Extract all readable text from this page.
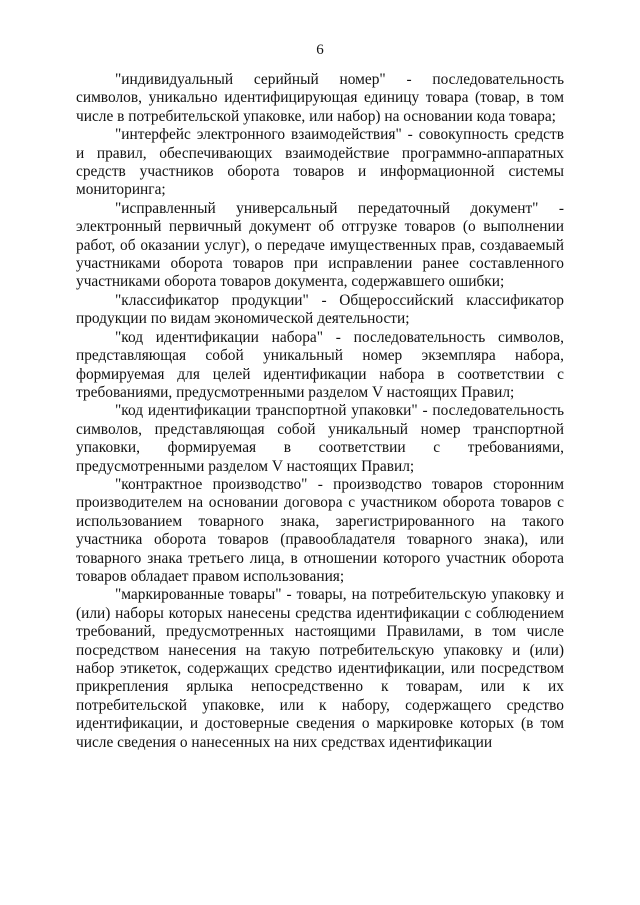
6

"индивидуальный серийный номер" - последовательность символов, уникально идентифицирующая единицу товара (товар, в том числе в потребительской упаковке, или набор) на основании кода товара;

"интерфейс электронного взаимодействия" - совокупность средств и правил, обеспечивающих взаимодействие программно-аппаратных средств участников оборота товаров и информационной системы мониторинга;

"исправленный универсальный передаточный документ" - электронный первичный документ об отгрузке товаров (о выполнении работ, об оказании услуг), о передаче имущественных прав, создаваемый участниками оборота товаров при исправлении ранее составленного участниками оборота товаров документа, содержавшего ошибки;

"классификатор продукции" - Общероссийский классификатор продукции по видам экономической деятельности;

"код идентификации набора" - последовательность символов, представляющая собой уникальный номер экземпляра набора, формируемая для целей идентификации набора в соответствии с требованиями, предусмотренными разделом V настоящих Правил;

"код идентификации транспортной упаковки" - последовательность символов, представляющая собой уникальный номер транспортной упаковки, формируемая в соответствии с требованиями, предусмотренными разделом V настоящих Правил;

"контрактное производство" - производство товаров сторонним производителем на основании договора с участником оборота товаров с использованием товарного знака, зарегистрированного на такого участника оборота товаров (правообладателя товарного знака), или товарного знака третьего лица, в отношении которого участник оборота товаров обладает правом использования;

"маркированные товары" - товары, на потребительскую упаковку и (или) наборы которых нанесены средства идентификации с соблюдением требований, предусмотренных настоящими Правилами, в том числе посредством нанесения на такую потребительскую упаковку и (или) набор этикеток, содержащих средство идентификации, или посредством прикрепления ярлыка непосредственно к товарам, или к их потребительской упаковке, или к набору, содержащего средство идентификации, и достоверные сведения о маркировке которых (в том числе сведения о нанесенных на них средствах идентификации
